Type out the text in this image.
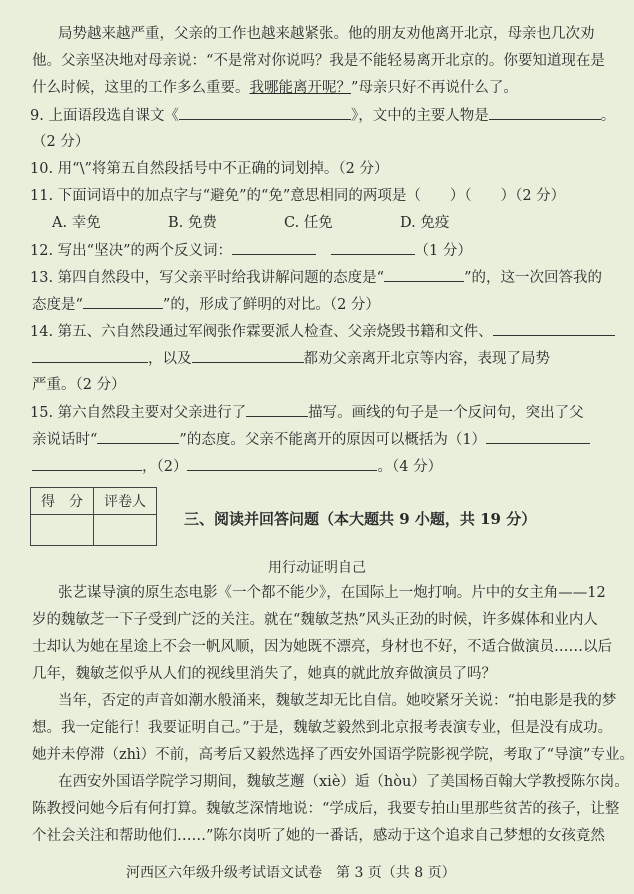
局势越来越严重，父亲的工作也越来越紧张。他的朋友劝他离开北京，母亲也几次劝
他。父亲坚决地对母亲说：“不是常对你说吗？我是不能轻易离开北京的。你要知道现在是
什么时候，这里的工作多么重要。我哪能离开呢？”母亲只好不再说什么了。
9. 上面语段选自课文《	》，文中的主要人物是	。
（2 分）
10. 用“\”将第五自然段括号中不正确的词划掉。（2 分）
11. 下面词语中的加点字与“避免”的“免”意思相同的两项是（　　）（　　）（2 分）
A. 幸免	B. 免费	C. 任免	D. 免疫
12. 写出“坚决”的两个反义词：　	（1 分）
13. 第四自然段中，写父亲平时给我讲解问题的态度是“	”的，这一次回答我的
态度是“	”的，形成了鲜明的对比。（2 分）
14. 第五、六自然段通过军阀张作霖要派人检查、父亲烧毁书籍和文件、
，以及	都劝父亲离开北京等内容，表现了局势
严重。（2 分）
15. 第六自然段主要对父亲进行了	描写。画线的句子是一个反问句，突出了父
亲说话时“	”的态度。父亲不能离开的原因可以概括为（1）
，（2）	。（4 分）
得　分	评卷人

三、阅读并回答问题（本大题共 9 小题，共 19 分）
用行动证明自己
张艺谋导演的原生态电影《一个都不能少》，在国际上一炮打响。片中的女主角——12
岁的魏敏芝一下子受到广泛的关注。就在“魏敏芝热”风头正劲的时候，许多媒体和业内人
士却认为她在星途上不会一帆风顺，因为她既不漂亮，身材也不好，不适合做演员……以后
几年，魏敏芝似乎从人们的视线里消失了，她真的就此放弃做演员了吗？
当年，否定的声音如潮水般涌来，魏敏芝却无比自信。她咬紧牙关说：“拍电影是我的梦
想。我一定能行！我要证明自己。”于是，魏敏芝毅然到北京报考表演专业，但是没有成功。
她并未停滞（zhì）不前，高考后又毅然选择了西安外国语学院影视学院，考取了“导演”专业。
在西安外国语学院学习期间，魏敏芝邂（xiè）逅（hòu）了美国杨百翰大学教授陈尔岗。
陈教授问她今后有何打算。魏敏芝深情地说：“学成后，我要专拍山里那些贫苦的孩子，让整
个社会关注和帮助他们……”陈尔岗听了她的一番话，感动于这个追求自己梦想的女孩竟然
河西区六年级升级考试语文试卷　第 3 页（共 8 页）
